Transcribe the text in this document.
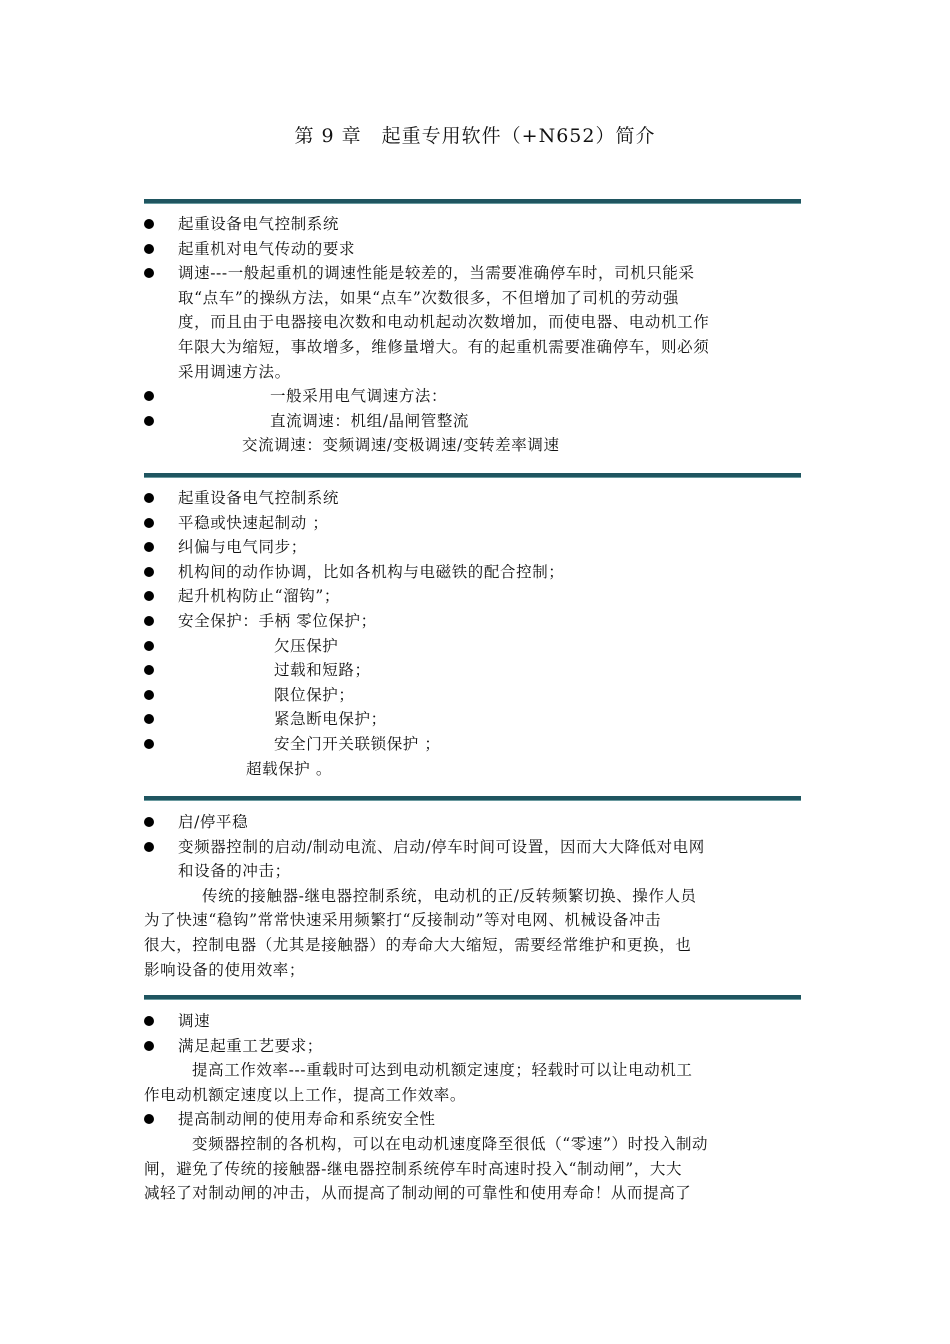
第 9 章　起重专用软件（+N652）简介
起重设备电气控制系统
起重机对电气传动的要求
调速---一般起重机的调速性能是较差的，当需要准确停车时，司机只能采
取“点车”的操纵方法，如果“点车”次数很多，不但增加了司机的劳动强
度，而且由于电器接电次数和电动机起动次数增加，而使电器、电动机工作
年限大为缩短，事故增多，维修量增大。有的起重机需要准确停车，则必须
采用调速方法。
一般采用电气调速方法：
直流调速：机组/晶闸管整流
交流调速：变频调速/变极调速/变转差率调速
起重设备电气控制系统
平稳或快速起制动 ；
纠偏与电气同步；
机构间的动作协调，比如各机构与电磁铁的配合控制；
起升机构防止“溜钩”；
安全保护：手柄 零位保护；
欠压保护
过载和短路；
限位保护；
紧急断电保护；
安全门开关联锁保护 ；
超载保护 。
启/停平稳
变频器控制的启动/制动电流、启动/停车时间可设置，因而大大降低对电网
和设备的冲击；
传统的接触器-继电器控制系统，电动机的正/反转频繁切换、操作人员
为了快速“稳钩”常常快速采用频繁打“反接制动”等对电网、机械设备冲击
很大，控制电器（尤其是接触器）的寿命大大缩短，需要经常维护和更换，也
影响设备的使用效率；
调速
满足起重工艺要求；
提高工作效率---重载时可达到电动机额定速度；轻载时可以让电动机工
作电动机额定速度以上工作，提高工作效率。
提高制动闸的使用寿命和系统安全性
变频器控制的各机构，可以在电动机速度降至很低（“零速”）时投入制动
闸，避免了传统的接触器-继电器控制系统停车时高速时投入“制动闸”，大大
减轻了对制动闸的冲击，从而提高了制动闸的可靠性和使用寿命！从而提高了
